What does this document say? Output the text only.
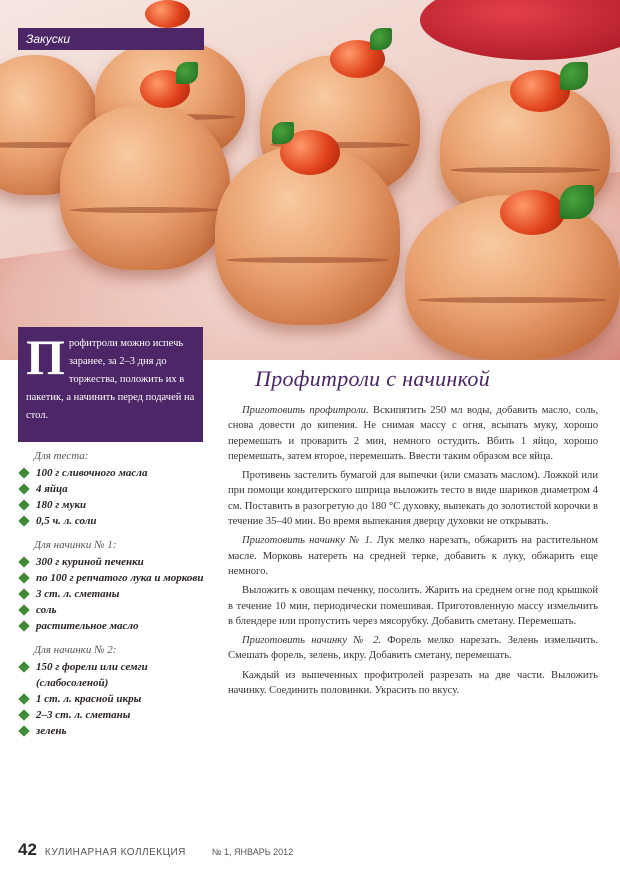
Закуски
П рофитроли можно испечь заранее, за 2–3 дня до торжества, положить их в пакетик, а начинить перед подачей на стол.
Для теста:
100 г сливочного масла
4 яйца
180 г муки
0,5 ч. л. соли
Для начинки № 1:
300 г куриной печенки
по 100 г репчатого лука и моркови
3 ст. л. сметаны
соль
растительное масло
Для начинки № 2:
150 г форели или семги (слабосоленой)
1 ст. л. красной икры
2–3 ст. л. сметаны
зелень
Профитроли с начинкой

Приготовить профитроли. Вскипятить 250 мл воды, добавить масло, соль, снова довести до кипения. Не снимая массу с огня, всыпать муку, хорошо перемешать и проварить 2 мин, немного остудить. Вбить 1 яйцо, хорошо перемешать, затем второе, перемешать. Ввести таким образом все яйца.

Противень застелить бумагой для выпечки (или смазать маслом). Ложкой или при помощи кондитерского шприца выложить тесто в виде шариков диаметром 4 см. Поставить в разогретую до 180 °С духовку, выпекать до золотистой корочки в течение 35–40 мин. Во время выпекания дверцу духовки не открывать.

Приготовить начинку № 1. Лук мелко нарезать, обжарить на растительном масле. Морковь натереть на средней терке, добавить к луку, обжарить еще немного.

Выложить к овощам печенку, посолить. Жарить на среднем огне под крышкой в течение 10 мин, периодически помешивая. Приготовленную массу измельчить в блендере или пропустить через мясорубку. Добавить сметану. Перемешать.

Приготовить начинку № 2. Форель мелко нарезать. Зелень измельчить. Смешать форель, зелень, икру. Добавить сметану, перемешать.

Каждый из выпеченных профитролей разрезать на две части. Выложить начинку. Соединить половинки. Украсить по вкусу.

42 КУЛИНАРНАЯ КОЛЛЕКЦИЯ	№ 1, ЯНВАРЬ 2012
